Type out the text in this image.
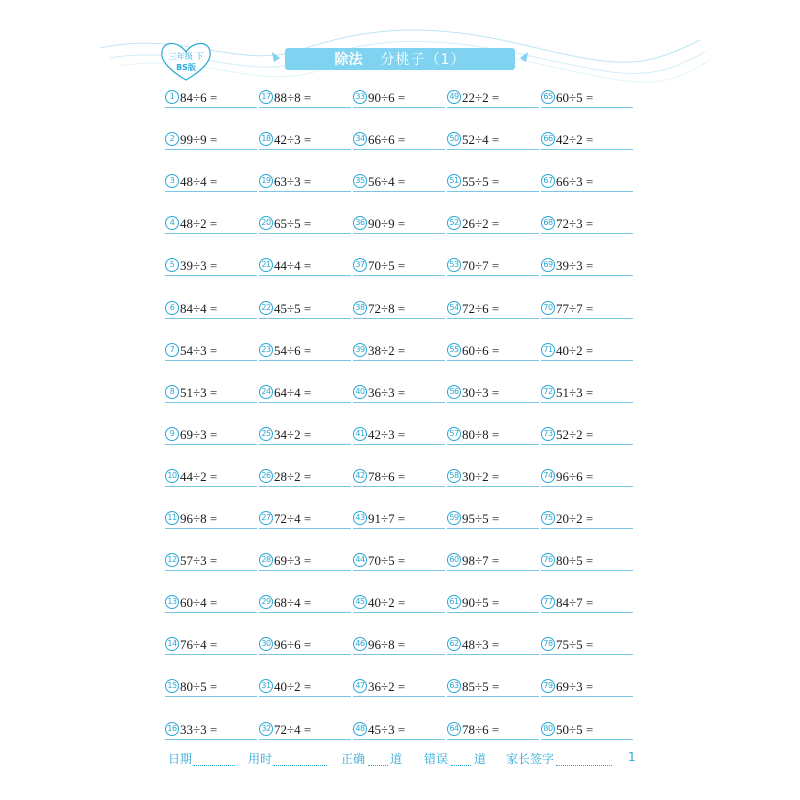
三年级 下
BS版	除法 分桃子（1）
1 84÷6 =
2 99÷9 =
3 48÷4 =
4 48÷2 =
5 39÷3 =
6 84÷4 =
7 54÷3 =
8 51÷3 =
9 69÷3 =
10 44÷2 =
11 96÷8 =
12 57÷3 =
13 60÷4 =
14 76÷4 =
15 80÷5 =
16 33÷3 =
17 88÷8 =
18 42÷3 =
19 63÷3 =
20 65÷5 =
21 44÷4 =
22 45÷5 =
23 54÷6 =
24 64÷4 =
25 34÷2 =
26 28÷2 =
27 72÷4 =
28 69÷3 =
29 68÷4 =
30 96÷6 =
31 40÷2 =
32 72÷4 =
33 90÷6 =
34 66÷6 =
35 56÷4 =
36 90÷9 =
37 70÷5 =
38 72÷8 =
39 38÷2 =
40 36÷3 =
41 42÷3 =
42 78÷6 =
43 91÷7 =
44 70÷5 =
45 40÷2 =
46 96÷8 =
47 36÷2 =
48 45÷3 =
49 22÷2 =
50 52÷4 =
51 55÷5 =
52 26÷2 =
53 70÷7 =
54 72÷6 =
55 60÷6 =
56 30÷3 =
57 80÷8 =
58 30÷2 =
59 95÷5 =
60 98÷7 =
61 90÷5 =
62 48÷3 =
63 85÷5 =
64 78÷6 =
65 60÷5 =
66 42÷2 =
67 66÷3 =
68 72÷3 =
69 39÷3 =
70 77÷7 =
71 40÷2 =
72 51÷3 =
73 52÷2 =
74 96÷6 =
75 20÷2 =
76 80÷5 =
77 84÷7 =
78 75÷5 =
79 69÷3 =
80 50÷5 =
日期	用时	正确 道 错误 道 家长签字	1
